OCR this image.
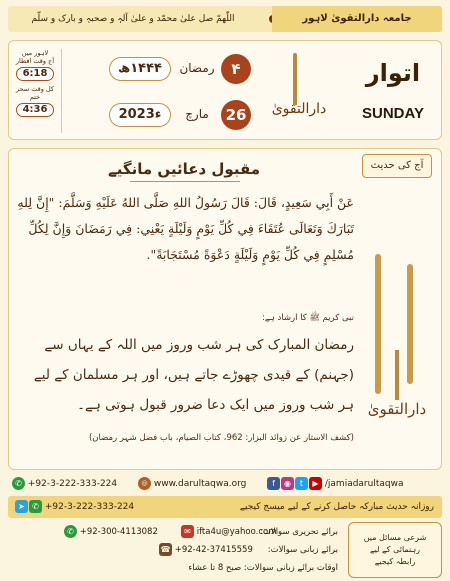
اللّٰھمّ صل علیٰ محمّد و علیٰ آلہٖ و صحبہٖ و بارک و سلّم	جامعہ دارالتقویٰ لاہور
لاہور میں
آج وقت افطار
6:18
کل وقت سحر
ختم
4:36
۱۴۴۴ھ	رمضان	۴
2023ء	مارچ	26	دارالتقویٰ
اتوار
SUNDAY
آج کی حدیث
دارالتقویٰ
مقبول دعائیں مانگیے
عَنْ أَبِي سَعِيدٍ، قَالَ: قَالَ رَسُولُ اللهِ صَلَّى اللهُ عَلَيْهِ وَسَلَّمَ: "إِنَّ لِلهِ تَبَارَكَ وَتَعَالَى عُتَقَاءَ فِي كُلِّ يَوْمٍ وَلَيْلَةٍ يَعْنِي: فِي رَمَضَانَ وَإِنَّ لِكُلِّ مُسْلِمٍ فِي كُلِّ يَوْمٍ وَلَيْلَةٍ دَعْوَةً مُسْتَجَابَةً".
نبی کریم ﷺ کا ارشاد ہے:
رمضان المبارک کی ہر شب وروز میں اللہ کے یہاں سے (جہنم) کے قیدی چھوڑے جاتے ہیں، اور ہر مسلمان کے لیے ہر شب وروز میں ایک دعا ضرور قبول ہوتی ہے۔
(کشف الاستار عن زوائد البزار: 962، کتاب الصیام، باب فضل شہر رمضان)
✆ +92-3-222-333-224	◎ www.darultaqwa.org	f ◉ t ▶ /jamiadarultaqwa
➤ ✆ +92-3-222-333-224	روزانہ حدیث مبارکہ حاصل کرنے کے لیے میسج کیجیے
شرعی مسائل میں
رہنمائی کے لیے
رابطہ کیجیے
✆ +92-300-4113082	✉ ifta4u@yahoo.com
برائے تحریری سوالات:
☎ +92-42-37415559 برائے زبانی سوالات:
اوقات برائے زبانی سوالات: صبح 8 تا عشاء
